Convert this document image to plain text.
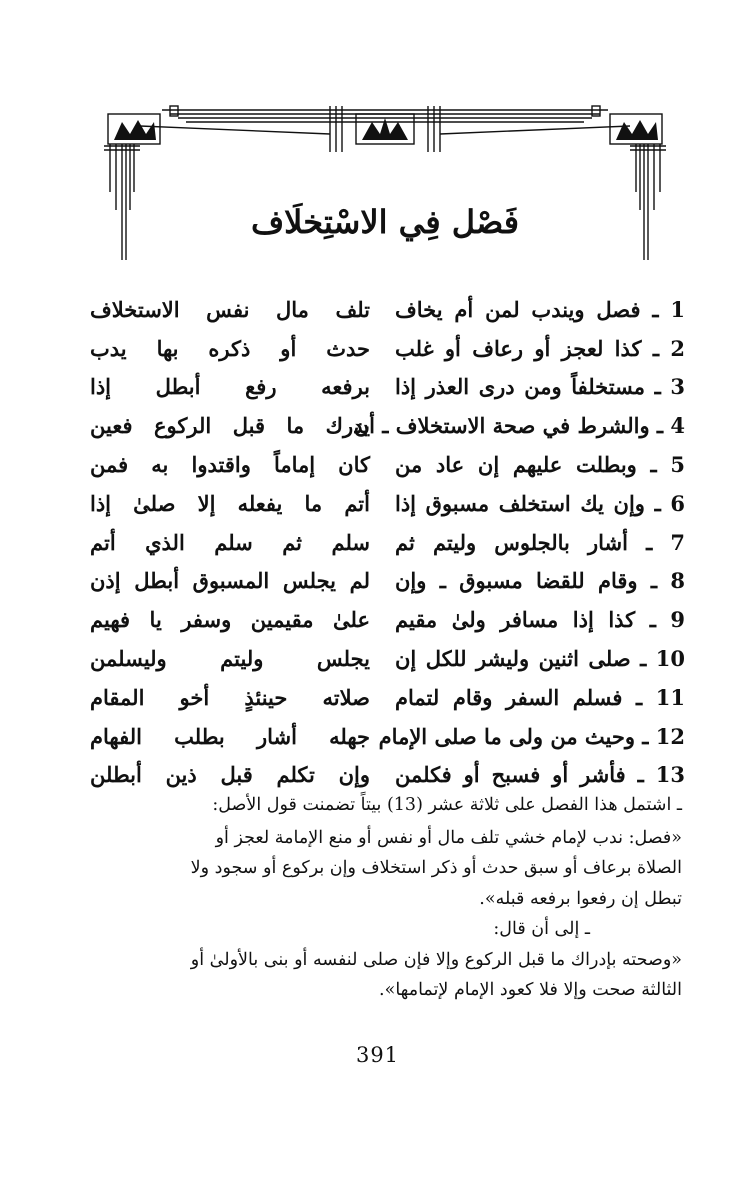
فَصْل فِي الاسْتِخلَاف
1 ـ فصل ويندب لمن أم يخاف
تلف مال نفس الاستخلاف
2 ـ كذا لعجز أو رعاف أو غلب
حدث أو ذكره بها يدب
3 ـ مستخلفاً ومن درى العذر إذا
برفعه رفع أبطل إذا
4 ـ والشرط في صحة الاستخلاف ـ أن
يدرك ما قبل الركوع فعين
5 ـ وبطلت عليهم إن عاد من
كان إماماً واقتدوا به فمن
6 ـ وإن يك استخلف مسبوق إذا
أتم ما يفعله إلا صلىٰ إذا
7 ـ أشار بالجلوس وليتم ثم
سلم ثم سلم الذي أتم
8 ـ وقام للقضا مسبوق ـ وإن
لم يجلس المسبوق أبطل إذن
9 ـ كذا إذا مسافر ولىٰ مقيم
علىٰ مقيمين وسفر يا فهيم
10 ـ صلى اثنين وليشر للكل إن
يجلس وليتم وليسلمن
11 ـ فسلم السفر وقام لتمام
صلاته حينئذٍ أخو المقام
12 ـ وحيث من ولى ما صلى الإمام
جهله أشار بطلب الفهام
13 ـ فأشر أو فسبح أو فكلمن
وإن تكلم قبل ذين أبطلن

ـ اشتمل هذا الفصل على ثلاثة عشر (13) بيتاً تضمنت قول الأصل:

«فصل: ندب لإمام خشي تلف مال أو نفس أو منع الإمامة لعجز أو

الصلاة برعاف أو سبق حدث أو ذكر استخلاف وإن بركوع أو سجود ولا

تبطل إن رفعوا برفعه قبله».

ـ إلى أن قال:

«وصحته بإدراك ما قبل الركوع وإلا فإن صلى لنفسه أو بنى بالأولىٰ أو

الثالثة صحت وإلا فلا كعود الإمام لإتمامها».

391
